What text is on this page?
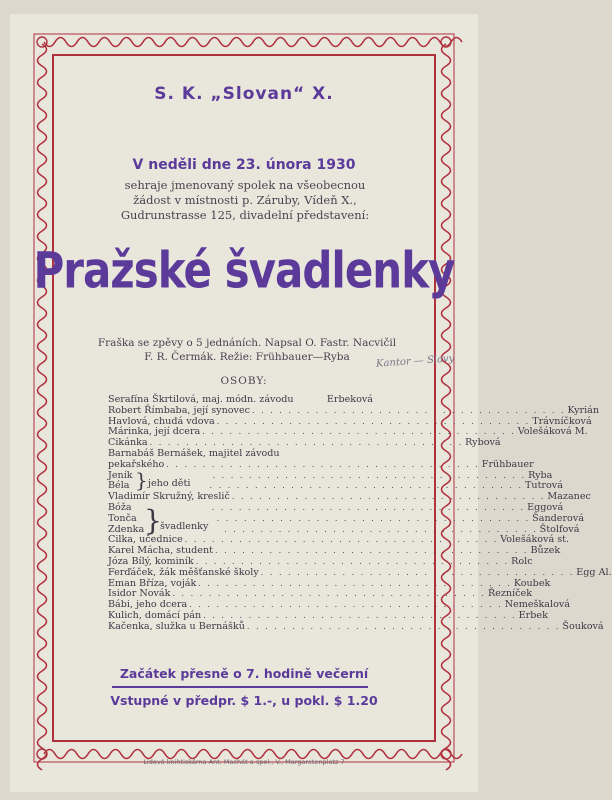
S. K. „Slovan“ X.
V neděli dne 23. února 1930
sehraje jmenovaný spolek na všeobecnou
žádost v místnosti p. Záruby, Vídeň X.,
Gudrunstrasse 125, divadelní představení:
Pražské švadlenky
Fraška se zpěvy o 5 jednáních. Napsal O. Fastr. Nacvičil
F. R. Čermák. Režie: Frühbauer—Ryba	Kantor — Slavy
OSOBY:
Serafína Škrtilová, maj. módn. závodu	Erbeková
Robert Římbaba, její synovec . . . . . . . . . . . . . . . . . . . . . . . . . . . . . . . . . . . Kyrián
Havlová, chudá vdova . . . . . . . . . . . . . . . . . . . . . . . . . . . . . . . . . . . Trávníčková
Márinka, její dcera . . . . . . . . . . . . . . . . . . . . . . . . . . . . . . . . . . . Volešáková M.
Cikánka . . . . . . . . . . . . . . . . . . . . . . . . . . . . . . . . . . . Rybová
Barnabáš Bernášek, majitel závodu
pekařského . . . . . . . . . . . . . . . . . . . . . . . . . . . . . . . . . . . Frühbauer
Jeník	. . . . . . . . . . . . . . . . . . . . . . . . . . . . . . . . . . . Ryba
Béla	. . . . . . . . . . . . . . . . . . . . . . . . . . . . . . . . . . . Tutrová
Vladimír Skružný, kreslič . . . . . . . . . . . . . . . . . . . . . . . . . . . . . . . . . . . Mazanec
Bóža	. . . . . . . . . . . . . . . . . . . . . . . . . . . . . . . . . . . Eggová
Tonča	. . . . . . . . . . . . . . . . . . . . . . . . . . . . . . . . . . . Šanderová
Zdenka	. . . . . . . . . . . . . . . . . . . . . . . . . . . . . . . . . . . Štolfová
Cilka, učednice . . . . . . . . . . . . . . . . . . . . . . . . . . . . . . . . . . . Volešáková st.
Karel Mácha, student . . . . . . . . . . . . . . . . . . . . . . . . . . . . . . . . . . . Bůzek
Józa Bílý, kominík . . . . . . . . . . . . . . . . . . . . . . . . . . . . . . . . . . . Rolc
Ferďáček, žák měšťanské školy . . . . . . . . . . . . . . . . . . . . . . . . . . . . . . . . . . . Egg Al.
Eman Bříza, voják . . . . . . . . . . . . . . . . . . . . . . . . . . . . . . . . . . . Koubek
Isidor Novák . . . . . . . . . . . . . . . . . . . . . . . . . . . . . . . . . . . Řezníček
Bábi, jeho dcera . . . . . . . . . . . . . . . . . . . . . . . . . . . . . . . . . . . Nemeškalová
Kulich, domácí pán . . . . . . . . . . . . . . . . . . . . . . . . . . . . . . . . . . . Erbek
Kačenka, služka u Bernášků . . . . . . . . . . . . . . . . . . . . . . . . . . . . . . . . . . . Šouková
jeho děti
}
švadlenky
}
Začátek přesně o 7. hodině večerní
Vstupné v předpr. $ 1.-, u pokl. $ 1.20
Lidová knihtiskárna Ant. Machát a spol., V., Margaretenplatz 7
